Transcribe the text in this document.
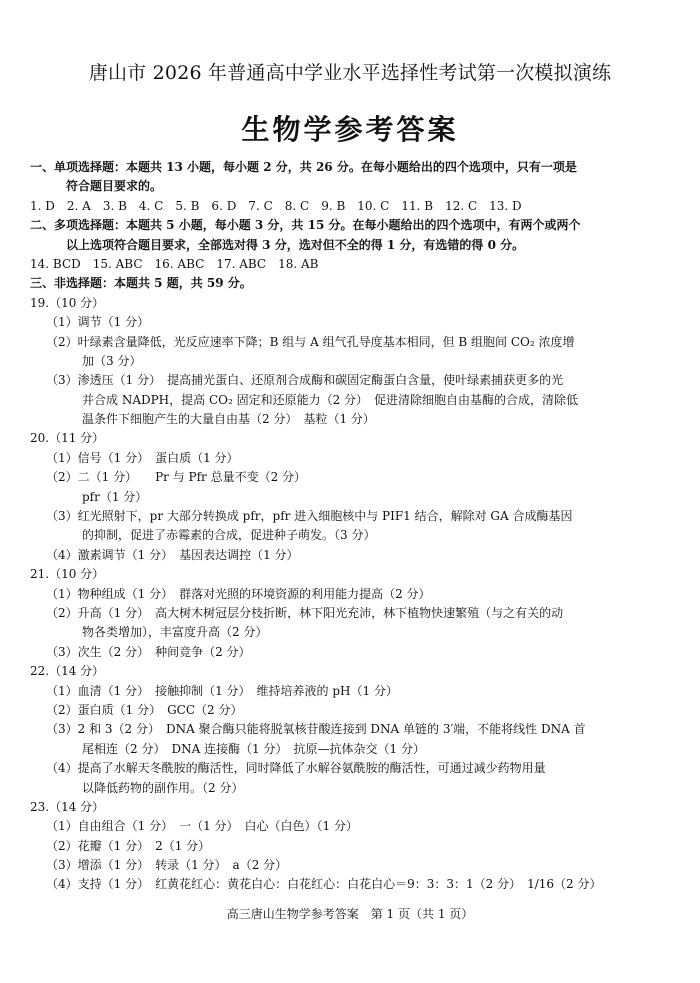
唐山市 2026 年普通高中学业水平选择性考试第一次模拟演练
生物学参考答案
一、单项选择题：本题共 13 小题，每小题 2 分，共 26 分。在每小题给出的四个选项中，只有一项是
符合题目要求的。
1. D　2. A　3. B　4. C　5. B　6. D　7. C　8. C　9. B　10. C　11. B　12. C　13. D
二、多项选择题：本题共 5 小题，每小题 3 分，共 15 分。在每小题给出的四个选项中，有两个或两个
以上选项符合题目要求，全部选对得 3 分，选对但不全的得 1 分，有选错的得 0 分。
14. BCD　15. ABC　16. ABC　17. ABC　18. AB
三、非选择题：本题共 5 题，共 59 分。
19.（10 分）
（1）调节（1 分）
（2）叶绿素含量降低，光反应速率下降；B 组与 A 组气孔导度基本相同，但 B 组胞间 CO₂ 浓度增
加（3 分）
（3）渗透压（1 分）　提高捕光蛋白、还原剂合成酶和碳固定酶蛋白含量，使叶绿素捕获更多的光
并合成 NADPH，提高 CO₂ 固定和还原能力（2 分）　促进清除细胞自由基酶的合成，清除低
温条件下细胞产生的大量自由基（2 分）　基粒（1 分）
20.（11 分）
（1）信号（1 分）　蛋白质（1 分）
（2）二（1 分）　　Pr 与 Pfr 总量不变（2 分）
pfr（1 分）
（3）红光照射下，pr 大部分转换成 pfr，pfr 进入细胞核中与 PIF1 结合，解除对 GA 合成酶基因
的抑制，促进了赤霉素的合成，促进种子萌发。（3 分）
（4）激素调节（1 分）　基因表达调控（1 分）
21.（10 分）
（1）物种组成（1 分）　群落对光照的环境资源的利用能力提高（2 分）
（2）升高（1 分）　高大树木树冠层分枝折断，林下阳光充沛，林下植物快速繁殖（与之有关的动
物各类增加），丰富度升高（2 分）
（3）次生（2 分）　种间竞争（2 分）
22.（14 分）
（1）血清（1 分）　接触抑制（1 分）　维持培养液的 pH（1 分）
（2）蛋白质（1 分）　GCC（2 分）
（3）2 和 3（2 分）　DNA 聚合酶只能将脱氧核苷酸连接到 DNA 单链的 3′端，不能将线性 DNA 首
尾相连（2 分）　DNA 连接酶（1 分）　抗原—抗体杂交（1 分）
（4）提高了水解天冬酰胺的酶活性，同时降低了水解谷氨酰胺的酶活性，可通过减少药物用量
以降低药物的副作用。（2 分）
23.（14 分）
（1）自由组合（1 分）　一（1 分）　白心（白色）（1 分）
（2）花瓣（1 分）　2（1 分）
（3）增添（1 分）　转录（1 分）　a（2 分）
（4）支持（1 分）　红黄花红心：黄花白心：白花红心：白花白心＝9：3：3：1（2 分）　1/16（2 分）
高三唐山生物学参考答案　第 1 页（共 1 页）
